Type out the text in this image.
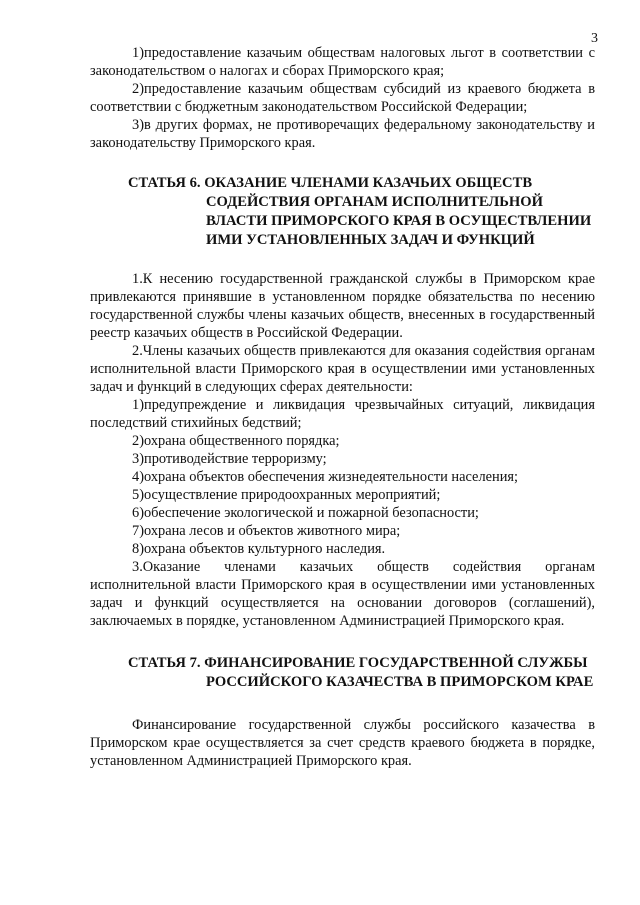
3

1)предоставление казачьим обществам налоговых льгот в соответствии с законодательством о налогах и сборах Приморского края;

2)предоставление казачьим обществам субсидий из краевого бюджета в соответствии с бюджетным законодательством Российской Федерации;

3)в других формах, не противоречащих федеральному законодательству и законодательству Приморского края.

СТАТЬЯ 6. ОКАЗАНИЕ ЧЛЕНАМИ КАЗАЧЬИХ ОБЩЕСТВ
СОДЕЙСТВИЯ ОРГАНАМ ИСПОЛНИТЕЛЬНОЙ
ВЛАСТИ ПРИМОРСКОГО КРАЯ В ОСУЩЕСТВЛЕНИИ
ИМИ УСТАНОВЛЕННЫХ ЗАДАЧ И ФУНКЦИЙ

1.К несению государственной гражданской службы в Приморском крае привлекаются принявшие в установленном порядке обязательства по несению государственной службы члены казачьих обществ, внесенных в государственный реестр казачьих обществ в Российской Федерации.

2.Члены казачьих обществ привлекаются для оказания содействия органам исполнительной власти Приморского края в осуществлении ими установленных задач и функций в следующих сферах деятельности:

1)предупреждение и ликвидация чрезвычайных ситуаций, ликвидация последствий стихийных бедствий;

2)охрана общественного порядка;

3)противодействие терроризму;

4)охрана объектов обеспечения жизнедеятельности населения;

5)осуществление природоохранных мероприятий;

6)обеспечение экологической и пожарной безопасности;

7)охрана лесов и объектов животного мира;

8)охрана объектов культурного наследия.

3.Оказание членами казачьих обществ содействия органам исполнительной власти Приморского края в осуществлении ими установленных задач и функций осуществляется на основании договоров (соглашений), заключаемых в порядке, установленном Администрацией Приморского края.

СТАТЬЯ 7. ФИНАНСИРОВАНИЕ ГОСУДАРСТВЕННОЙ СЛУЖБЫ
РОССИЙСКОГО КАЗАЧЕСТВА В ПРИМОРСКОМ КРАЕ

Финансирование государственной службы российского казачества в Приморском крае осуществляется за счет средств краевого бюджета в порядке, установленном Администрацией Приморского края.
